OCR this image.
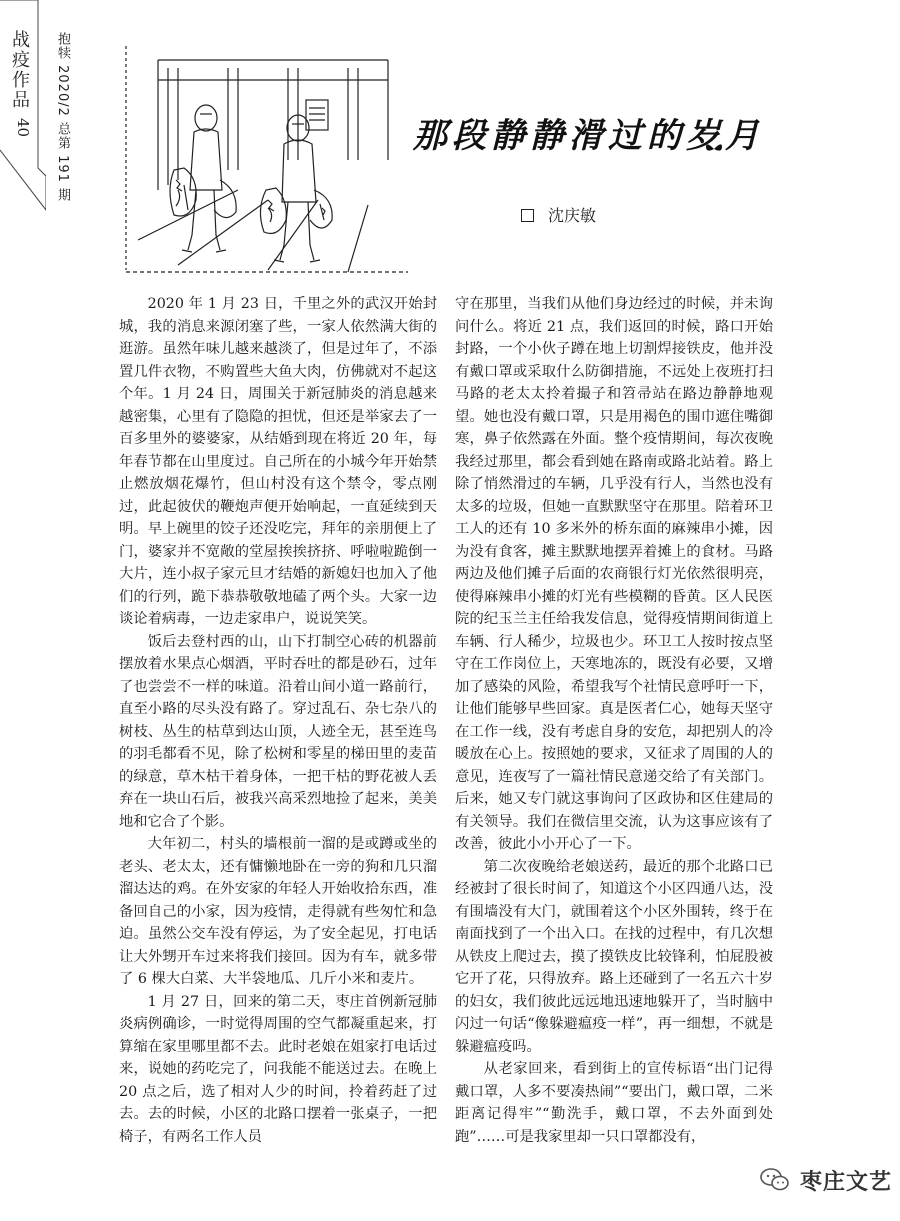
战疫作品
40 抱犊 2020/2 总第 191 期	那段静静滑过的岁月
沈庆敏

2020 年 1 月 23 日，千里之外的武汉开始封城，我的消息来源闭塞了些，一家人依然满大街的逛游。虽然年味儿越来越淡了，但是过年了，不添置几件衣物，不购置些大鱼大肉，仿佛就对不起这个年。1 月 24 日，周围关于新冠肺炎的消息越来越密集，心里有了隐隐的担忧，但还是举家去了一百多里外的婆婆家，从结婚到现在将近 20 年，每年春节都在山里度过。自己所在的小城今年开始禁止燃放烟花爆竹，但山村没有这个禁令，零点刚过，此起彼伏的鞭炮声便开始响起，一直延续到天明。早上碗里的饺子还没吃完，拜年的亲朋便上了门，婆家并不宽敞的堂屋挨挨挤挤、呼啦啦跪倒一大片，连小叔子家元旦才结婚的新媳妇也加入了他们的行列，跪下恭恭敬敬地磕了两个头。大家一边谈论着病毒，一边走家串户，说说笑笑。

饭后去登村西的山，山下打制空心砖的机器前摆放着水果点心烟酒，平时吞吐的都是砂石，过年了也尝尝不一样的味道。沿着山间小道一路前行，直至小路的尽头没有路了。穿过乱石、杂七杂八的树枝、丛生的枯草到达山顶，人迹全无，甚至连鸟的羽毛都看不见，除了松树和零星的梯田里的麦苗的绿意，草木枯干着身体，一把干枯的野花被人丢弃在一块山石后，被我兴高采烈地捡了起来，美美地和它合了个影。

大年初二，村头的墙根前一溜的是或蹲或坐的老头、老太太，还有慵懒地卧在一旁的狗和几只溜溜达达的鸡。在外安家的年轻人开始收拾东西，准备回自己的小家，因为疫情，走得就有些匆忙和急迫。虽然公交车没有停运，为了安全起见，打电话让大外甥开车过来将我们接回。因为有车，就多带了 6 棵大白菜、大半袋地瓜、几斤小米和麦片。

1 月 27 日，回来的第二天，枣庄首例新冠肺炎病例确诊，一时觉得周围的空气都凝重起来，打算缩在家里哪里都不去。此时老娘在姐家打电话过来，说她的药吃完了，问我能不能送过去。在晚上 20 点之后，选了相对人少的时间，拎着药赶了过去。去的时候，小区的北路口摆着一张桌子，一把椅子，有两名工作人员

守在那里，当我们从他们身边经过的时候，并未询问什么。将近 21 点，我们返回的时候，路口开始封路，一个小伙子蹲在地上切割焊接铁皮，他并没有戴口罩或采取什么防御措施，不远处上夜班打扫马路的老太太拎着撮子和笤帚站在路边静静地观望。她也没有戴口罩，只是用褐色的围巾遮住嘴御寒，鼻子依然露在外面。整个疫情期间，每次夜晚我经过那里，都会看到她在路南或路北站着。路上除了悄然滑过的车辆，几乎没有行人，当然也没有太多的垃圾，但她一直默默坚守在那里。陪着环卫工人的还有 10 多米外的桥东面的麻辣串小摊，因为没有食客，摊主默默地摆弄着摊上的食材。马路两边及他们摊子后面的农商银行灯光依然很明亮，使得麻辣串小摊的灯光有些模糊的昏黄。区人民医院的纪玉兰主任给我发信息，觉得疫情期间街道上车辆、行人稀少，垃圾也少。环卫工人按时按点坚守在工作岗位上，天寒地冻的，既没有必要，又增加了感染的风险，希望我写个社情民意呼吁一下，让他们能够早些回家。真是医者仁心，她每天坚守在工作一线，没有考虑自身的安危，却把别人的冷暖放在心上。按照她的要求，又征求了周围的人的意见，连夜写了一篇社情民意递交给了有关部门。后来，她又专门就这事询问了区政协和区住建局的有关领导。我们在微信里交流，认为这事应该有了改善，彼此小小开心了一下。

第二次夜晚给老娘送药，最近的那个北路口已经被封了很长时间了，知道这个小区四通八达，没有围墙没有大门，就围着这个小区外围转，终于在南面找到了一个出入口。在找的过程中，有几次想从铁皮上爬过去，摸了摸铁皮比较锋利，怕屁股被它开了花，只得放弃。路上还碰到了一名五六十岁的妇女，我们彼此远远地迅速地躲开了，当时脑中闪过一句话“像躲避瘟疫一样”，再一细想，不就是躲避瘟疫吗。

从老家回来，看到街上的宣传标语“出门记得戴口罩，人多不要凑热闹”“要出门，戴口罩，二米距离记得牢”“勤洗手，戴口罩，不去外面到处跑”……可是我家里却一只口罩都没有，

枣庄文艺
